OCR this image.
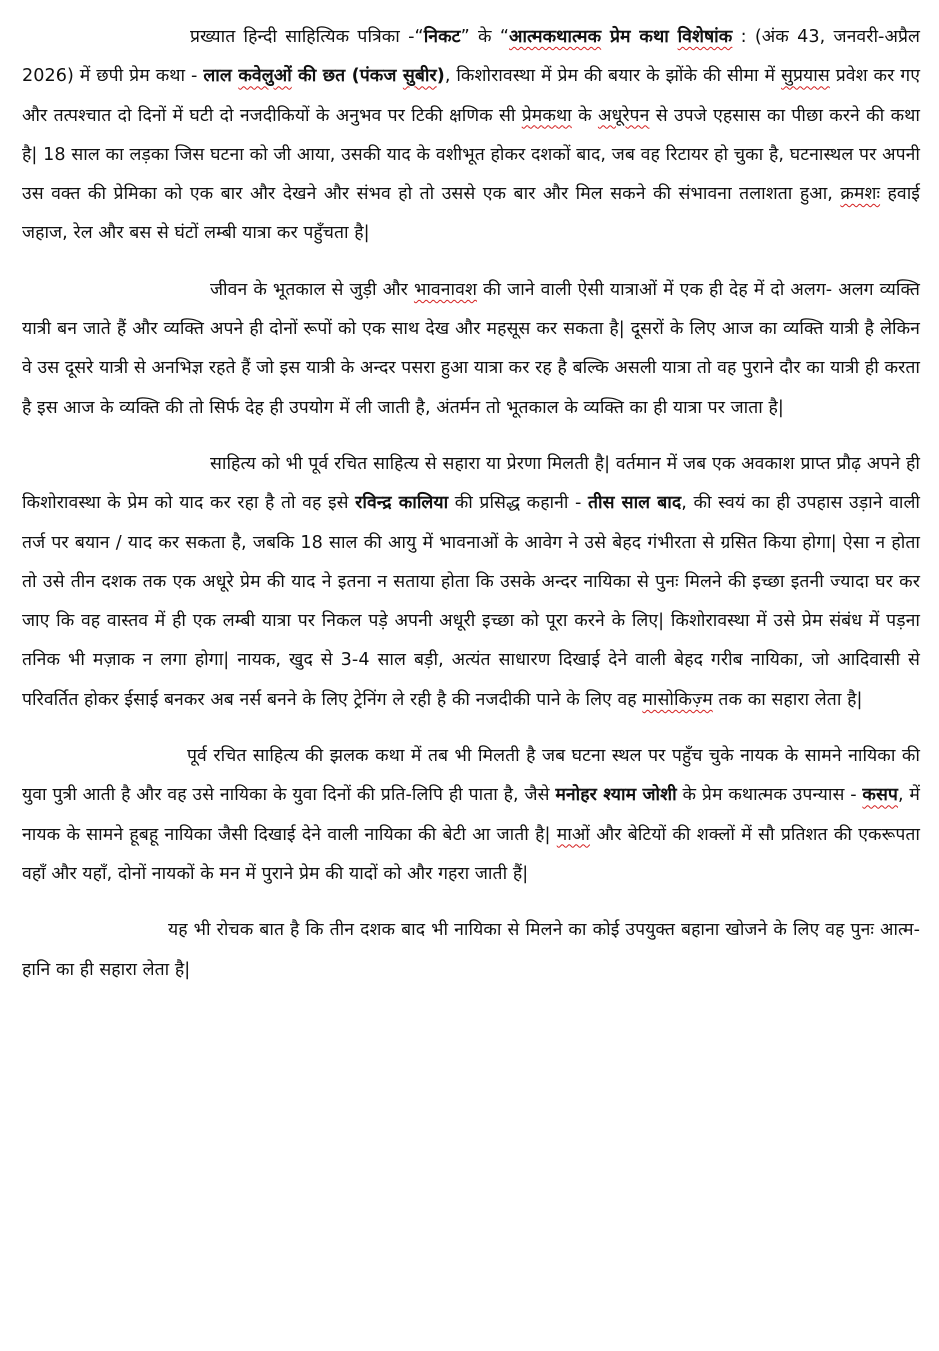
प्रख्यात हिन्दी साहित्यिक पत्रिका -“निकट” के “आत्मकथात्मक प्रेम कथा विशेषांक : (अंक 43, जनवरी-अप्रैल 2026) में छपी प्रेम कथा - लाल कवेलुओं की छत (पंकज सुबीर), किशोरावस्था में प्रेम की बयार के झोंके की सीमा में सुप्रयास प्रवेश कर गए और तत्पश्चात दो दिनों में घटी दो नजदीकियों के अनुभव पर टिकी क्षणिक सी प्रेमकथा के अधूरेपन से उपजे एहसास का पीछा करने की कथा है| 18 साल का लड़का जिस घटना को जी आया, उसकी याद के वशीभूत होकर दशकों बाद, जब वह रिटायर हो चुका है, घटनास्थल पर अपनी उस वक्त की प्रेमिका को एक बार और देखने और संभव हो तो उससे एक बार और मिल सकने की संभावना तलाशता हुआ, क्रमशः हवाई जहाज, रेल और बस से घंटों लम्बी यात्रा कर पहुँचता है|

जीवन के भूतकाल से जुड़ी और भावनावश की जाने वाली ऐसी यात्राओं में एक ही देह में दो अलग- अलग व्यक्ति यात्री बन जाते हैं और व्यक्ति अपने ही दोनों रूपों को एक साथ देख और महसूस कर सकता है| दूसरों के लिए आज का व्यक्ति यात्री है लेकिन वे उस दूसरे यात्री से अनभिज्ञ रहते हैं जो इस यात्री के अन्दर पसरा हुआ यात्रा कर रह है बल्कि असली यात्रा तो वह पुराने दौर का यात्री ही करता है इस आज के व्यक्ति की तो सिर्फ देह ही उपयोग में ली जाती है, अंतर्मन तो भूतकाल के व्यक्ति का ही यात्रा पर जाता है|

साहित्य को भी पूर्व रचित साहित्य से सहारा या प्रेरणा मिलती है| वर्तमान में जब एक अवकाश प्राप्त प्रौढ़ अपने ही किशोरावस्था के प्रेम को याद कर रहा है तो वह इसे रविन्द्र कालिया की प्रसिद्ध कहानी - तीस साल बाद, की स्वयं का ही उपहास उड़ाने वाली तर्ज पर बयान / याद कर सकता है, जबकि 18 साल की आयु में भावनाओं के आवेग ने उसे बेहद गंभीरता से ग्रसित किया होगा| ऐसा न होता तो उसे तीन दशक तक एक अधूरे प्रेम की याद ने इतना न सताया होता कि उसके अन्दर नायिका से पुनः मिलने की इच्छा इतनी ज्यादा घर कर जाए कि वह वास्तव में ही एक लम्बी यात्रा पर निकल पड़े अपनी अधूरी इच्छा को पूरा करने के लिए| किशोरावस्था में उसे प्रेम संबंध में पड़ना तनिक भी मज़ाक न लगा होगा| नायक, खुद से 3-4 साल बड़ी, अत्यंत साधारण दिखाई देने वाली बेहद गरीब नायिका, जो आदिवासी से परिवर्तित होकर ईसाई बनकर अब नर्स बनने के लिए ट्रेनिंग ले रही है की नजदीकी पाने के लिए वह मासोकिज़्म तक का सहारा लेता है|

पूर्व रचित साहित्य की झलक कथा में तब भी मिलती है जब घटना स्थल पर पहुँच चुके नायक के सामने नायिका की युवा पुत्री आती है और वह उसे नायिका के युवा दिनों की प्रति-लिपि ही पाता है, जैसे मनोहर श्याम जोशी के प्रेम कथात्मक उपन्यास - कसप, में नायक के सामने हूबहू नायिका जैसी दिखाई देने वाली नायिका की बेटी आ जाती है| माओं और बेटियों की शक्लों में सौ प्रतिशत की एकरूपता वहाँ और यहाँ, दोनों नायकों के मन में पुराने प्रेम की यादों को और गहरा जाती हैं|

यह भी रोचक बात है कि तीन दशक बाद भी नायिका से मिलने का कोई उपयुक्त बहाना खोजने के लिए वह पुनः आत्म-हानि का ही सहारा लेता है|
